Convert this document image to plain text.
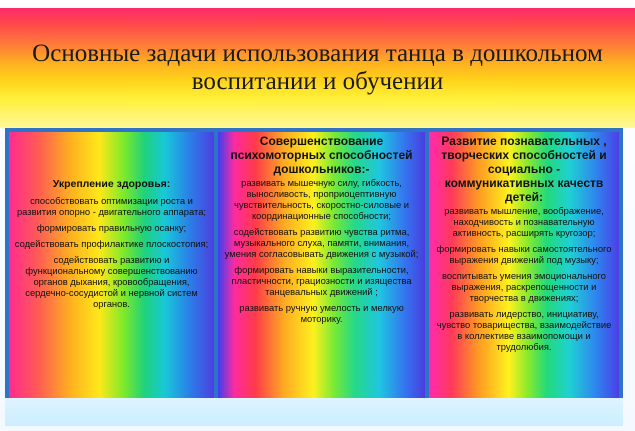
Основные задачи использования танца в дошкольном воспитании и обучении
Укрепление здоровья:
способствовать оптимизации роста и развития опорно - двигательного аппарата;
формировать правильную осанку;
содействовать профилактике плоскостопия;
содействовать развитию и функциональному совершенствованию органов дыхания, кровообращения, сердечно-сосудистой и нервной систем органов.
Совершенствование психомоторных способностей дошкольников:-
развивать мышечную силу, гибкость, выносливость, проприоцептивную чувствительность, скоростно-силовые и координационные способности;
содействовать развитию чувства ритма, музыкального слуха, памяти, внимания, умения согласовывать движения с музыкой;
формировать навыки выразительности, пластичности, грациозности и изящества танцевальных движений ;
развивать ручную умелость и мелкую моторику.
Развитие познавательных , творческих способностей и социально - коммуникативных качеств детей:
развивать мышление, воображение, находчивость и познавательную активность, расширять кругозор;
формировать навыки самостоятельного выражения движений под музыку;
воспитывать умения эмоционального выражения, раскрепощенности и творчества в движениях;
развивать лидерство, инициативу, чувство товарищества, взаимодействие в коллективе взаимопомощи и трудолюбия.
